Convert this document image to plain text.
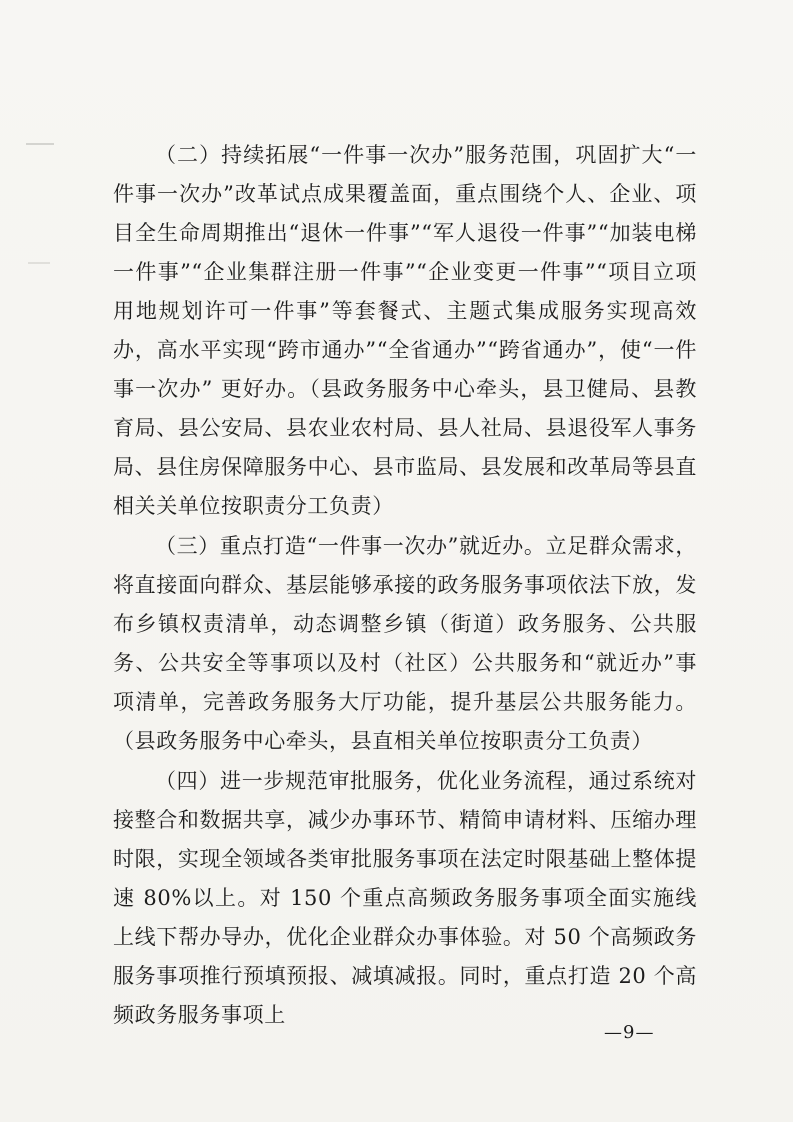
（二）持续拓展“一件事一次办”服务范围，巩固扩大“一 件事一次办”改革试点成果覆盖面，重点围绕个人、企业、项目全生命周期推出“退休一件事”“军人退役一件事”“加装电梯一件事”“企业集群注册一件事”“企业变更一件事”“项目立项用地规划许可一件事”等套餐式、主题式集成服务实现高效办，高水平实现“跨市通办”“全省通办”“跨省通办”，使“一件事一次办” 更好办。（县政务服务中心牵头，县卫健局、县教育局、县公安局、县农业农村局、县人社局、县退役军人事务局、县住房保障服务中心、县市监局、县发展和改革局等县直相关关单位按职责分工负责）

（三）重点打造“一件事一次办”就近办。立足群众需求，将直接面向群众、基层能够承接的政务服务事项依法下放，发布乡镇权责清单，动态调整乡镇（街道）政务服务、公共服务、公共安全等事项以及村（社区）公共服务和“就近办”事项清单，完善政务服务大厅功能，提升基层公共服务能力。（县政务服务中心牵头，县直相关单位按职责分工负责）

（四）进一步规范审批服务，优化业务流程，通过系统对接整合和数据共享，减少办事环节、精简申请材料、压缩办理时限，实现全领域各类审批服务事项在法定时限基础上整体提速 80%以上。对 150 个重点高频政务服务事项全面实施线上线下帮办导办，优化企业群众办事体验。对 50 个高频政务服务事项推行预填预报、减填减报。同时，重点打造 20 个高频政务服务事项上

—9—
